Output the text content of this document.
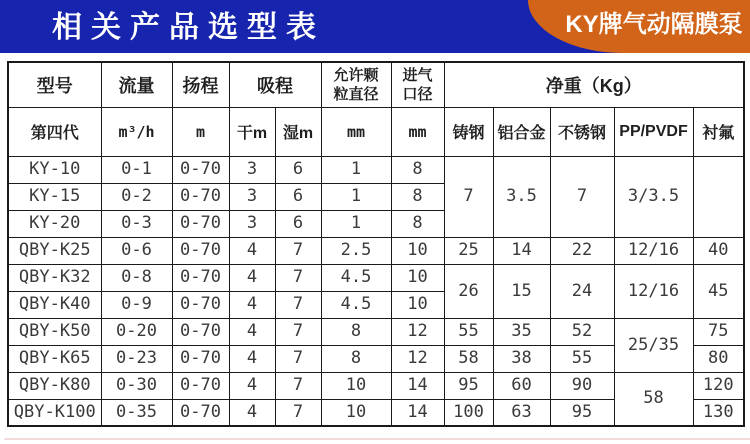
相关产品选型表	KY牌气动隔膜泵
型号	流量	扬程	吸程		允许颗粒直径	进气口径	净重（Kg）				
第四代	m³/h	m	干m	湿m	mm	mm	铸钢	铝合金	不锈钢	PP/PVDF	衬氟
KY-10	0-1	0-70	3	6	1	8	7	3.5	7	3/3.5	
KY-15	0-2	0-70	3	6	1	8					
KY-20	0-3	0-70	3	6	1	8					
QBY-K25	0-6	0-70	4	7	2.5	10	25	14	22	12/16	40
QBY-K32	0-8	0-70	4	7	4.5	10	26	15	24	12/16	45
QBY-K40	0-9	0-70	4	7	4.5	10					
QBY-K50	0-20	0-70	4	7	8	12	55	35	52	25/35	75
QBY-K65	0-23	0-70	4	7	8	12	58	38	55		80
QBY-K80	0-30	0-70	4	7	10	14	95	60	90	58	120
QBY-K100	0-35	0-70	4	7	10	14	100	63	95		130
